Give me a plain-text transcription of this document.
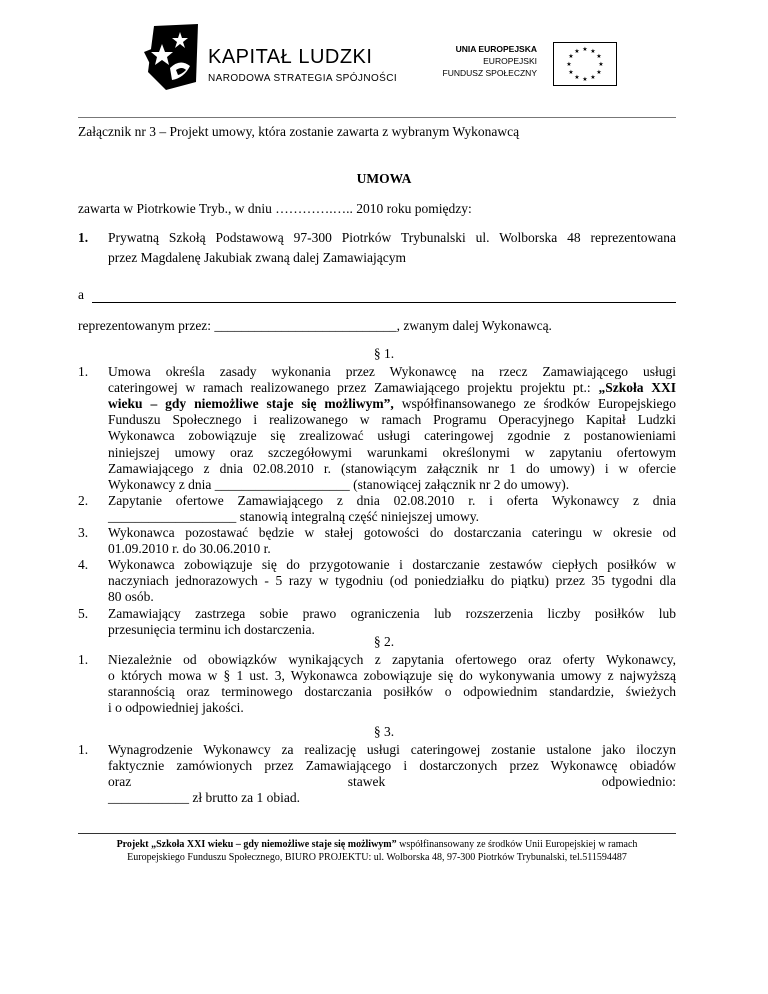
KAPITAŁ LUDZKI
NARODOWA STRATEGIA SPÓJNOŚCI
UNIA EUROPEJSKA
EUROPEJSKI
FUNDUSZ SPOŁECZNY
★ ★
★
★
★
★
★
★
★
★
★
★
Załącznik nr 3 – Projekt umowy, która zostanie zawarta z wybranym Wykonawcą
UMOWA
zawarta w Piotrkowie Tryb., w dniu ………….….. 2010 roku pomiędzy:
1. Prywatną Szkołą Podstawową 97-300 Piotrków Trybunalski ul. Wolborska 48 reprezentowana
przez Magdalenę Jakubiak zwaną dalej Zamawiającym
a
reprezentowanym przez: ___________________________, zwanym dalej Wykonawcą.
§ 1.
1. Umowa określa zasady wykonania przez Wykonawcę na rzecz Zamawiającego usługi
cateringowej w ramach realizowanego przez Zamawiającego projektu projektu pt.: „Szkoła XXI
wieku – gdy niemożliwe staje się możliwym”, współfinansowanego ze środków Europejskiego
Funduszu Społecznego i realizowanego w ramach Programu Operacyjnego Kapitał Ludzki
Wykonawca zobowiązuje się zrealizować usługi cateringowej zgodnie z postanowieniami
niniejszej umowy oraz szczegółowymi warunkami określonymi w zapytaniu ofertowym
Zamawiającego z dnia 02.08.2010 r. (stanowiącym załącznik nr 1 do umowy) i w ofercie
Wykonawcy z dnia ____________________ (stanowiącej załącznik nr 2 do umowy).
2. Zapytanie ofertowe Zamawiającego z dnia 02.08.2010 r. i oferta Wykonawcy z dnia
___________________ stanowią integralną część niniejszej umowy.
3. Wykonawca pozostawać będzie w stałej gotowości do dostarczania cateringu w okresie od
01.09.2010 r. do 30.06.2010 r.
4. Wykonawca zobowiązuje się do przygotowanie i dostarczanie zestawów ciepłych posiłków w
naczyniach jednorazowych - 5 razy w tygodniu (od poniedziałku do piątku) przez 35 tygodni dla
80 osób.
5. Zamawiający zastrzega sobie prawo ograniczenia lub rozszerzenia liczby posiłków lub
przesunięcia terminu ich dostarczenia.
§ 2.
1. Niezależnie od obowiązków wynikających z zapytania ofertowego oraz oferty Wykonawcy,
o których mowa w § 1 ust. 3, Wykonawca zobowiązuje się do wykonywania umowy z najwyższą
starannością oraz terminowego dostarczania posiłków o odpowiednim standardzie, świeżych
i o odpowiedniej jakości.
§ 3.
1. Wynagrodzenie Wykonawcy za realizację usługi cateringowej zostanie ustalone jako iloczyn
faktycznie zamówionych przez Zamawiającego i dostarczonych przez Wykonawcę obiadów
oraz stawek odpowiednio:
____________ zł brutto za 1 obiad.
Projekt „Szkoła XXI wieku – gdy niemożliwe staje się możliwym” współfinansowany ze środków Unii Europejskiej w ramach
Europejskiego Funduszu Społecznego, BIURO PROJEKTU: ul. Wolborska 48, 97-300 Piotrków Trybunalski, tel.511594487
